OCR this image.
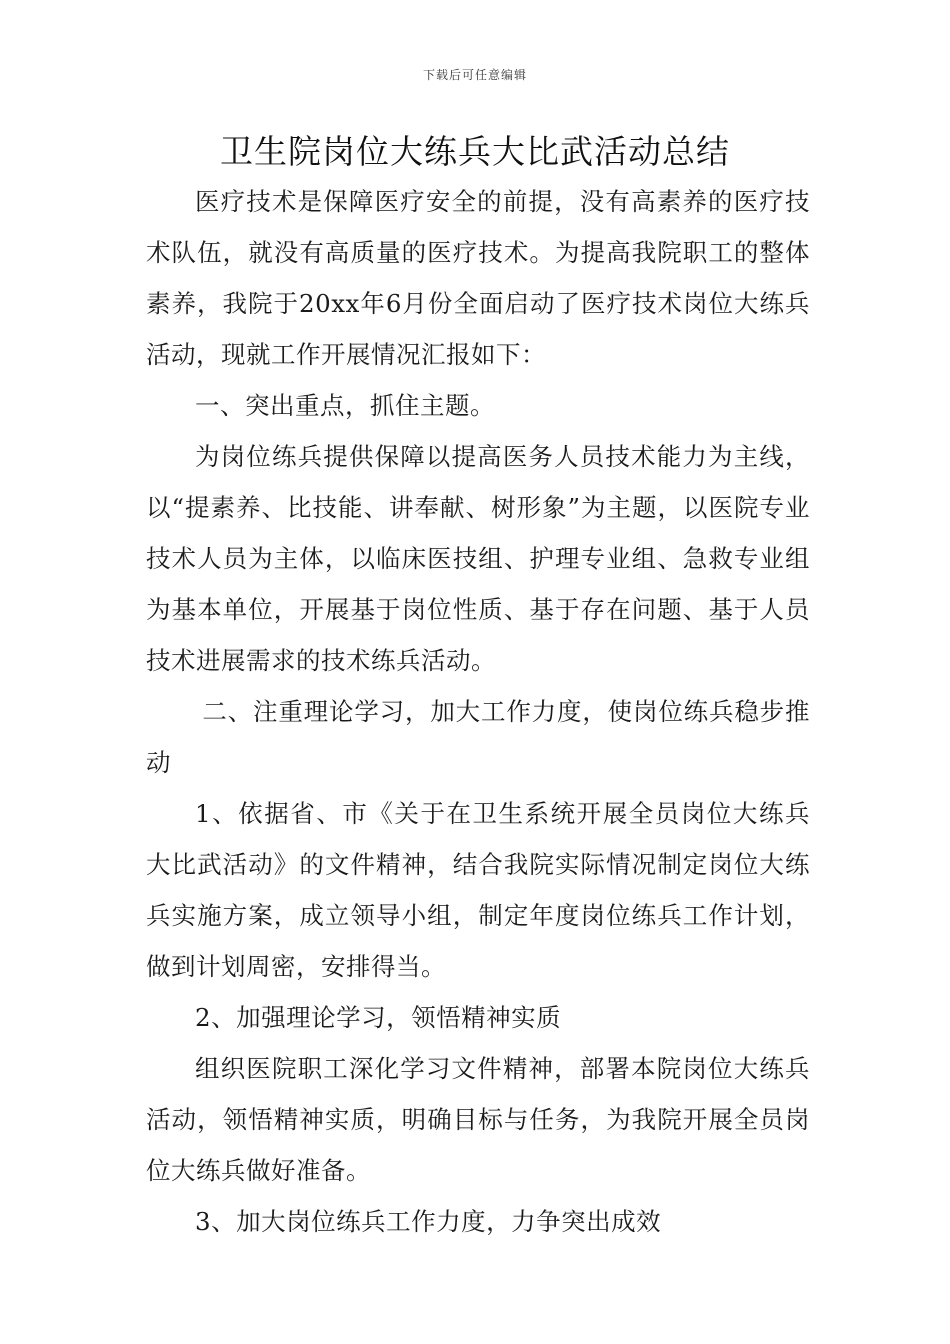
下载后可任意编辑
卫生院岗位大练兵大比武活动总结

医疗技术是保障医疗安全的前提，没有高素养的医疗技术队伍，就没有高质量的医疗技术。为提高我院职工的整体素养，我院于20xx年6月份全面启动了医疗技术岗位大练兵活动，现就工作开展情况汇报如下：

一、突出重点，抓住主题。

为岗位练兵提供保障以提高医务人员技术能力为主线，以“提素养、比技能、讲奉献、树形象”为主题，以医院专业技术人员为主体，以临床医技组、护理专业组、急救专业组为基本单位，开展基于岗位性质、基于存在问题、基于人员技术进展需求的技术练兵活动。

二、注重理论学习，加大工作力度，使岗位练兵稳步推动

1、依据省、市《关于在卫生系统开展全员岗位大练兵大比武活动》的文件精神，结合我院实际情况制定岗位大练兵实施方案，成立领导小组，制定年度岗位练兵工作计划，做到计划周密，安排得当。

2、加强理论学习，领悟精神实质

组织医院职工深化学习文件精神，部署本院岗位大练兵活动，领悟精神实质，明确目标与任务，为我院开展全员岗位大练兵做好准备。

3、加大岗位练兵工作力度，力争突出成效
